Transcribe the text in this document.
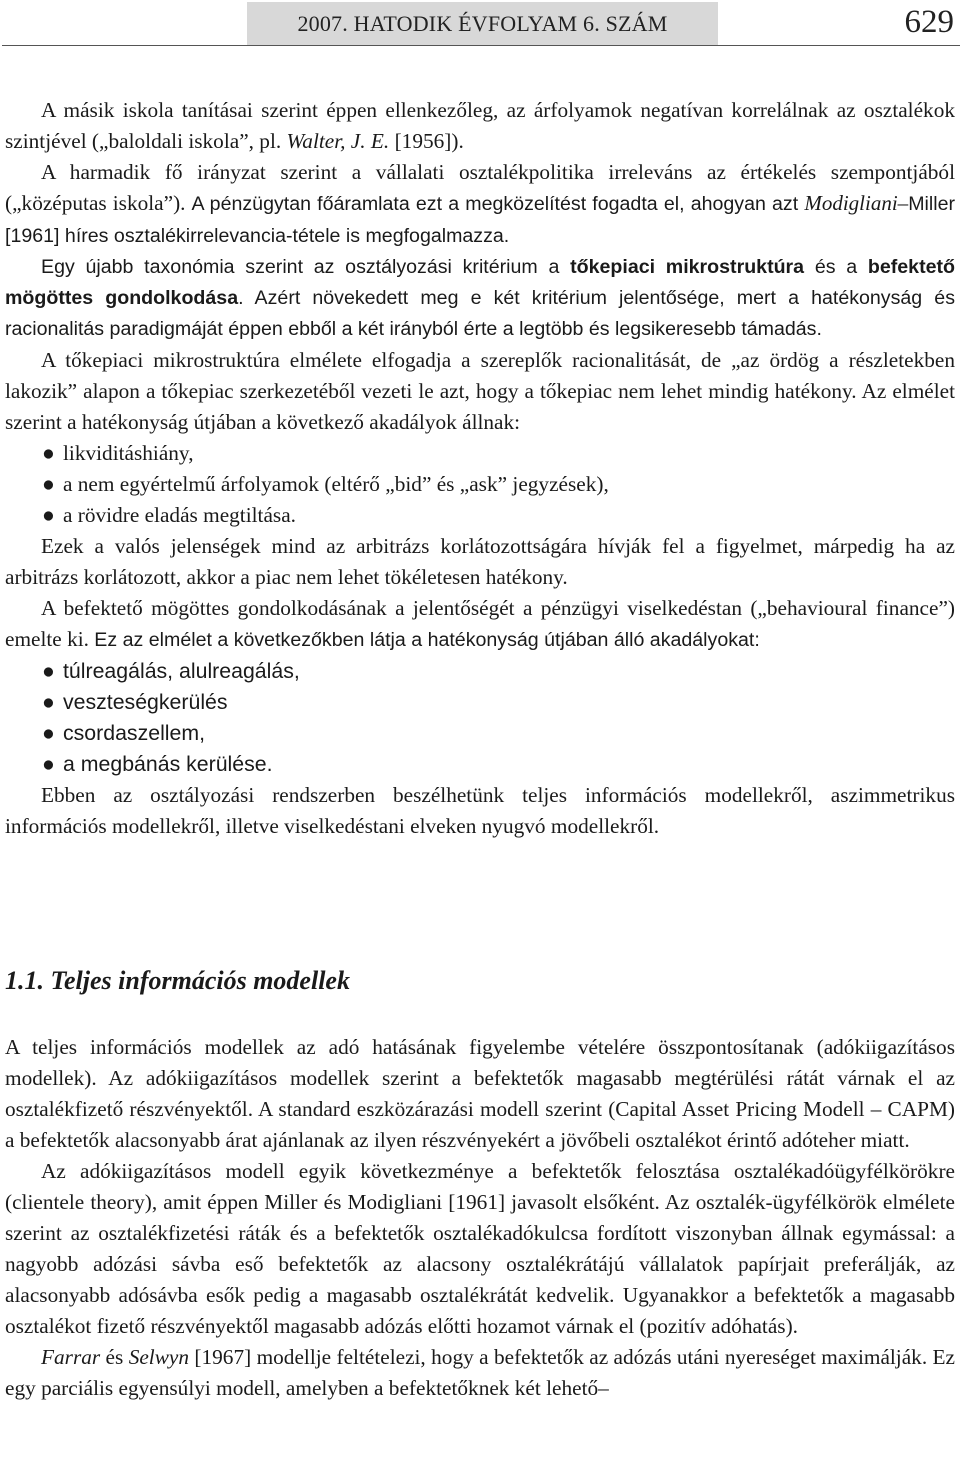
2007. HATODIK ÉVFOLYAM 6. SZÁM	629

A másik iskola tanításai szerint éppen ellenkezőleg, az árfolyamok negatívan korrelálnak az osztalékok szintjével („baloldali iskola”, pl. Walter, J. E. [1956]).

A harmadik fő irányzat szerint a vállalati osztalékpolitika irreleváns az értékelés szempontjából („középutas iskola”). A pénzügytan főáramlata ezt a megközelítést fogadta el, ahogyan azt Modigliani–Miller [1961] híres osztalékirrelevancia-tétele is megfogalmazza.

Egy újabb taxonómia szerint az osztályozási kritérium a tőkepiaci mikrostruktúra és a befektető mögöttes gondolkodása. Azért növekedett meg e két kritérium jelentősége, mert a hatékonyság és racionalitás paradigmáját éppen ebből a két irányból érte a legtöbb és legsikeresebb támadás.

A tőkepiaci mikrostruktúra elmélete elfogadja a szereplők racionalitását, de „az ördög a részletekben lakozik” alapon a tőkepiac szerkezetéből vezeti le azt, hogy a tőkepiac nem lehet mindig hatékony. Az elmélet szerint a hatékonyság útjában a következő akadályok állnak:

● likviditáshiány,
● a nem egyértelmű árfolyamok (eltérő „bid” és „ask” jegyzések),
● a rövidre eladás megtiltása.

Ezek a valós jelenségek mind az arbitrázs korlátozottságára hívják fel a figyelmet, márpedig ha az arbitrázs korlátozott, akkor a piac nem lehet tökéletesen hatékony.

A befektető mögöttes gondolkodásának a jelentőségét a pénzügyi viselkedéstan („behavioural finance”) emelte ki. Ez az elmélet a következőkben látja a hatékonyság útjában álló akadályokat:

● túlreagálás, alulreagálás,
● veszteségkerülés
● csordaszellem,
● a megbánás kerülése.

Ebben az osztályozási rendszerben beszélhetünk teljes információs modellekről, aszimmetrikus információs modellekről, illetve viselkedéstani elveken nyugvó modellekről.

1.1. Teljes információs modellek

A teljes információs modellek az adó hatásának figyelembe vételére összpontosítanak (adókiigazításos modellek). Az adókiigazításos modellek szerint a befektetők magasabb megtérülési rátát várnak el az osztalékfizető részvényektől. A standard eszközárazási modell szerint (Capital Asset Pricing Modell – CAPM) a befektetők alacsonyabb árat ajánlanak az ilyen részvényekért a jövőbeli osztalékot érintő adóteher miatt.

Az adókiigazításos modell egyik következménye a befektetők felosztása osztalékadóügyfélkörökre (clientele theory), amit éppen Miller és Modigliani [1961] javasolt elsőként. Az osztalék-ügyfélkörök elmélete szerint az osztalékfizetési ráták és a befektetők osztalékadókulcsa fordított viszonyban állnak egymással: a nagyobb adózási sávba eső befektetők az alacsony osztalékrátájú vállalatok papírjait preferálják, az alacsonyabb adósávba esők pedig a magasabb osztalékrátát kedvelik. Ugyanakkor a befektetők a magasabb osztalékot fizető részvényektől magasabb adózás előtti hozamot várnak el (pozitív adóhatás).

Farrar és Selwyn [1967] modellje feltételezi, hogy a befektetők az adózás utáni nyereséget maximálják. Ez egy parciális egyensúlyi modell, amelyben a befektetőknek két lehető–
